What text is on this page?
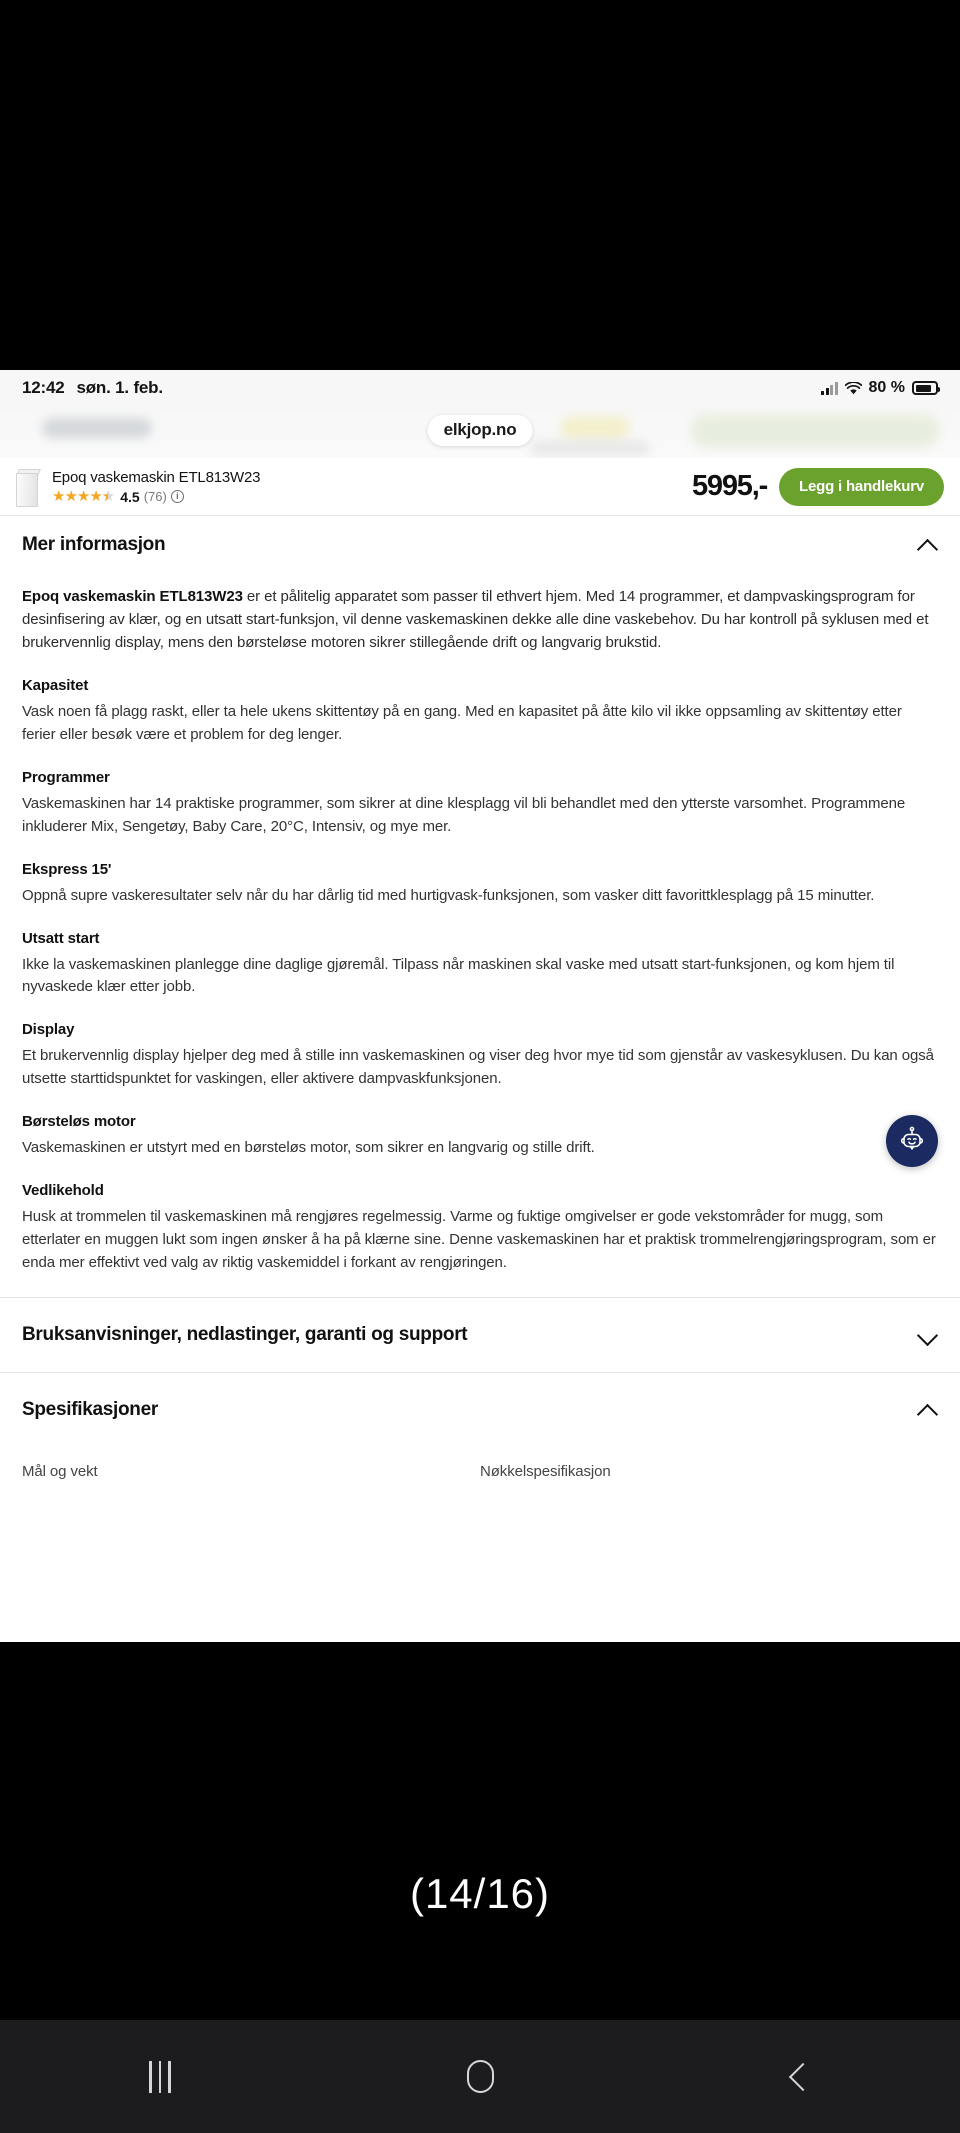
12:42 søn. 1. feb.	80 %
elkjop.no
Epoq vaskemaskin ETL813W23
★★★★ ★ ★ 4.5 (76)	i	5995,-	Legg i handlekurv
Mer informasjon

Epoq vaskemaskin ETL813W23 er et pålitelig apparatet som passer til ethvert hjem. Med 14 programmer, et dampvaskingsprogram for desinfisering av klær, og en utsatt start-funksjon, vil denne vaskemaskinen dekke alle dine vaskebehov. Du har kontroll på syklusen med et brukervennlig display, mens den børsteløse motoren sikrer stillegående drift og langvarig brukstid.

Kapasitet

Vask noen få plagg raskt, eller ta hele ukens skittentøy på en gang. Med en kapasitet på åtte kilo vil ikke oppsamling av skittentøy etter ferier eller besøk være et problem for deg lenger.

Programmer

Vaskemaskinen har 14 praktiske programmer, som sikrer at dine klesplagg vil bli behandlet med den ytterste varsomhet. Programmene inkluderer Mix, Sengetøy, Baby Care, 20°C, Intensiv, og mye mer.

Ekspress 15'

Oppnå supre vaskeresultater selv når du har dårlig tid med hurtigvask-funksjonen, som vasker ditt favorittklesplagg på 15 minutter.

Utsatt start

Ikke la vaskemaskinen planlegge dine daglige gjøremål. Tilpass når maskinen skal vaske med utsatt start-funksjonen, og kom hjem til nyvaskede klær etter jobb.

Display

Et brukervennlig display hjelper deg med å stille inn vaskemaskinen og viser deg hvor mye tid som gjenstår av vaskesyklusen. Du kan også utsette starttidspunktet for vaskingen, eller aktivere dampvaskfunksjonen.

Børsteløs motor

Vaskemaskinen er utstyrt med en børsteløs motor, som sikrer en langvarig og stille drift.

Vedlikehold

Husk at trommelen til vaskemaskinen må rengjøres regelmessig. Varme og fuktige omgivelser er gode vekstområder for mugg, som etterlater en muggen lukt som ingen ønsker å ha på klærne sine. Denne vaskemaskinen har et praktisk trommelrengjøringsprogram, som er enda mer effektivt ved valg av riktig vaskemiddel i forkant av rengjøringen.

Bruksanvisninger, nedlastinger, garanti og support
Spesifikasjoner
Mål og vekt	Nøkkelspesifikasjon
(14/16)
